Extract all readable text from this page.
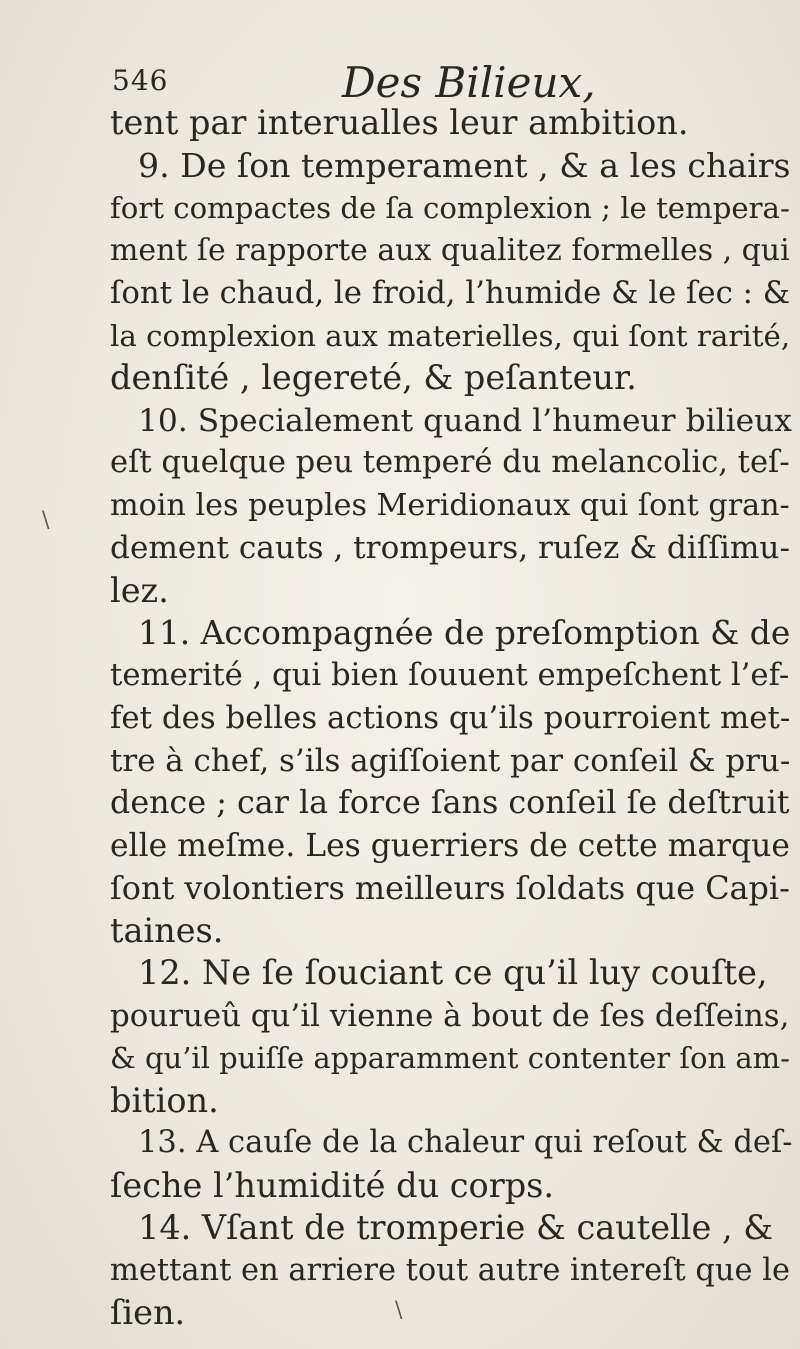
546	Des Bilieux,
tent par interualles leur ambition.
9. De ſon temperament , & a les chairs
fort compactes de ſa complexion ; le tempera-
ment ſe rapporte aux qualitez formelles , qui
ſont le chaud, le froid, l’humide & le ſec : &
la complexion aux materielles, qui ſont rarité,
denſité , legereté, & peſanteur.
10. Specialement quand l’humeur bilieux
eſt quelque peu temperé du melancolic, teſ-
moin les peuples Meridionaux qui ſont gran-
dement cauts , trompeurs, ruſez & diſſimu-
lez.
11. Accompagnée de preſomption & de
temerité , qui bien ſouuent empeſchent l’ef-
fet des belles actions qu’ils pourroient met-
tre à chef, s’ils agiſſoient par conſeil & pru-
dence ; car la force ſans conſeil ſe deſtruit
elle meſme. Les guerriers de cette marque
ſont volontiers meilleurs ſoldats que Capi-
taines.
12. Ne ſe ſouciant ce qu’il luy couſte,
pourueû qu’il vienne à bout de ſes deſſeins,
& qu’il puiſſe apparamment contenter ſon am-
bition.
13. A cauſe de la chaleur qui reſout & deſ-
ſeche l’humidité du corps.
14. Vſant de tromperie & cautelle , &
mettant en arriere tout autre intereſt que le
ſien.
\
\
